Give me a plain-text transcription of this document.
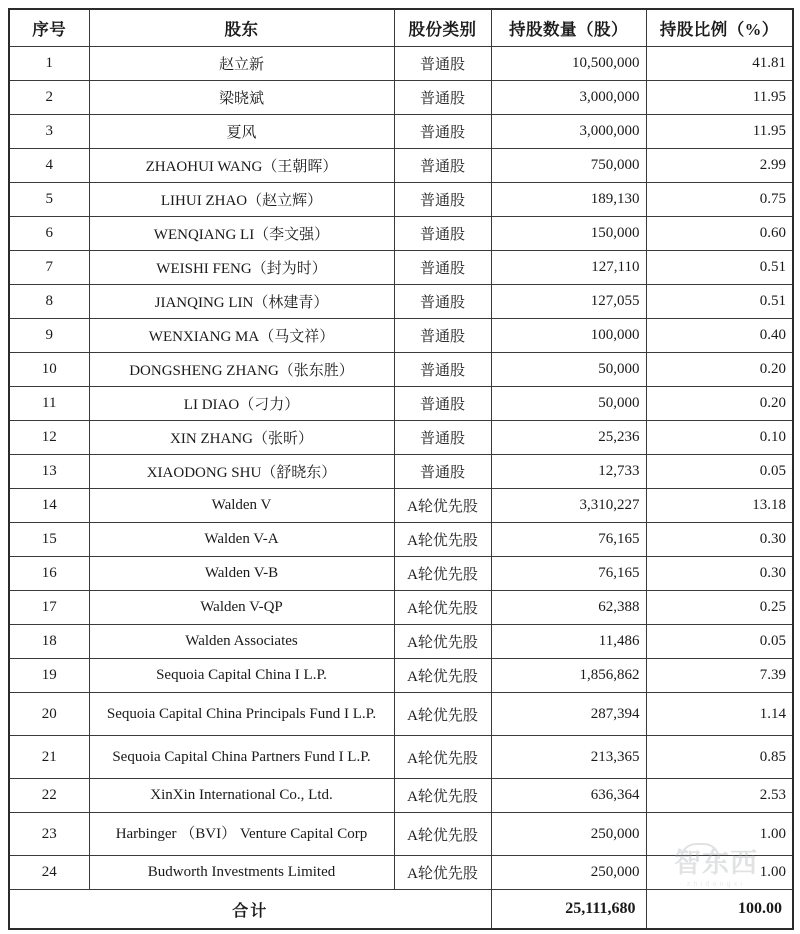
智东西
zhidongxi
序号	股东	股份类别	持股数量（股）	持股比例（%）
1	赵立新	普通股	10,500,000	41.81
2	梁晓斌	普通股	3,000,000	11.95
3	夏风	普通股	3,000,000	11.95
4	ZHAOHUI WANG（王朝晖）	普通股	750,000	2.99
5	LIHUI ZHAO（赵立辉）	普通股	189,130	0.75
6	WENQIANG LI（李文强）	普通股	150,000	0.60
7	WEISHI FENG（封为时）	普通股	127,110	0.51
8	JIANQING LIN（林建青）	普通股	127,055	0.51
9	WENXIANG MA（马文祥）	普通股	100,000	0.40
10	DONGSHENG ZHANG（张东胜）	普通股	50,000	0.20
11	LI DIAO（刁力）	普通股	50,000	0.20
12	XIN ZHANG（张昕）	普通股	25,236	0.10
13	XIAODONG SHU（舒晓东）	普通股	12,733	0.05
14	Walden V	A轮优先股	3,310,227	13.18
15	Walden V-A	A轮优先股	76,165	0.30
16	Walden V-B	A轮优先股	76,165	0.30
17	Walden V-QP	A轮优先股	62,388	0.25
18	Walden Associates	A轮优先股	11,486	0.05
19	Sequoia Capital China I L.P.	A轮优先股	1,856,862	7.39
20	Sequoia Capital China Principals Fund I L.P.	A轮优先股	287,394	1.14
21	Sequoia Capital China Partners Fund I L.P.	A轮优先股	213,365	0.85
22	XinXin International Co., Ltd.	A轮优先股	636,364	2.53
23	Harbinger （BVI） Venture Capital Corp	A轮优先股	250,000	1.00
24	Budworth Investments Limited	A轮优先股	250,000	1.00
合计			25,111,680	100.00
